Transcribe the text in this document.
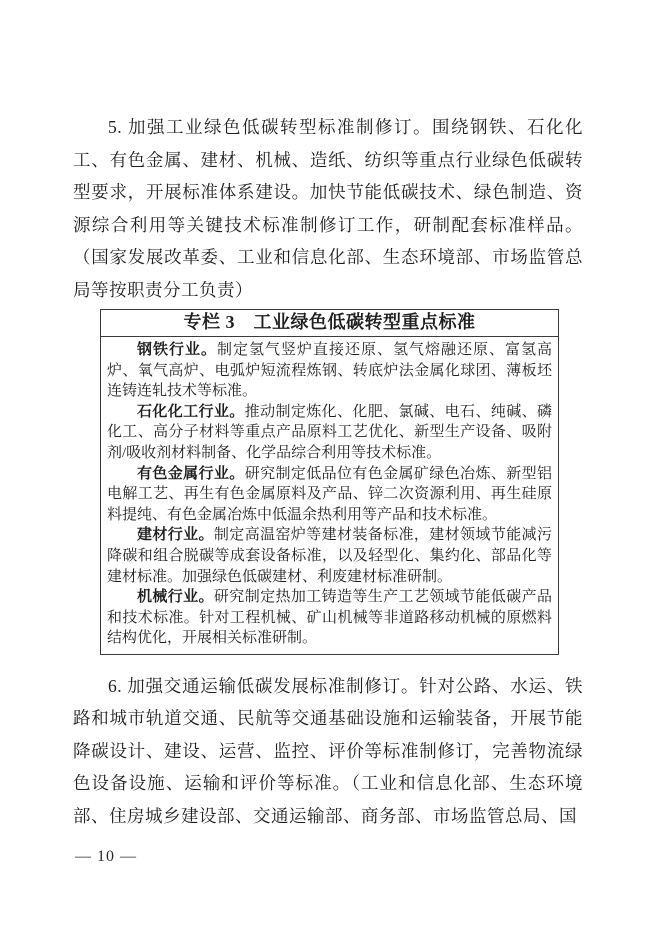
5. 加强工业绿色低碳转型标准制修订。围绕钢铁、石化化工、有色金属、建材、机械、造纸、纺织等重点行业绿色低碳转型要求，开展标准体系建设。加快节能低碳技术、绿色制造、资源综合利用等关键技术标准制修订工作，研制配套标准样品。（国家发展改革委、工业和信息化部、生态环境部、市场监管总局等按职责分工负责）

专栏 3　工业绿色低碳转型重点标准

钢铁行业。制定氢气竖炉直接还原、氢气熔融还原、富氢高炉、氧气高炉、电弧炉短流程炼钢、转底炉法金属化球团、薄板坯连铸连轧技术等标准。

石化化工行业。推动制定炼化、化肥、氯碱、电石、纯碱、磷化工、高分子材料等重点产品原料工艺优化、新型生产设备、吸附剂/吸收剂材料制备、化学品综合利用等技术标准。

有色金属行业。研究制定低品位有色金属矿绿色冶炼、新型铝电解工艺、再生有色金属原料及产品、锌二次资源利用、再生硅原料提纯、有色金属冶炼中低温余热利用等产品和技术标准。

建材行业。制定高温窑炉等建材装备标准，建材领域节能减污降碳和组合脱碳等成套设备标准，以及轻型化、集约化、部品化等建材标准。加强绿色低碳建材、利废建材标准研制。

机械行业。研究制定热加工铸造等生产工艺领域节能低碳产品和技术标准。针对工程机械、矿山机械等非道路移动机械的原燃料结构优化，开展相关标准研制。

6. 加强交通运输低碳发展标准制修订。针对公路、水运、铁路和城市轨道交通、民航等交通基础设施和运输装备，开展节能降碳设计、建设、运营、监控、评价等标准制修订，完善物流绿色设备设施、运输和评价等标准。（工业和信息化部、生态环境部、住房城乡建设部、交通运输部、商务部、市场监管总局、国

— 10 —
